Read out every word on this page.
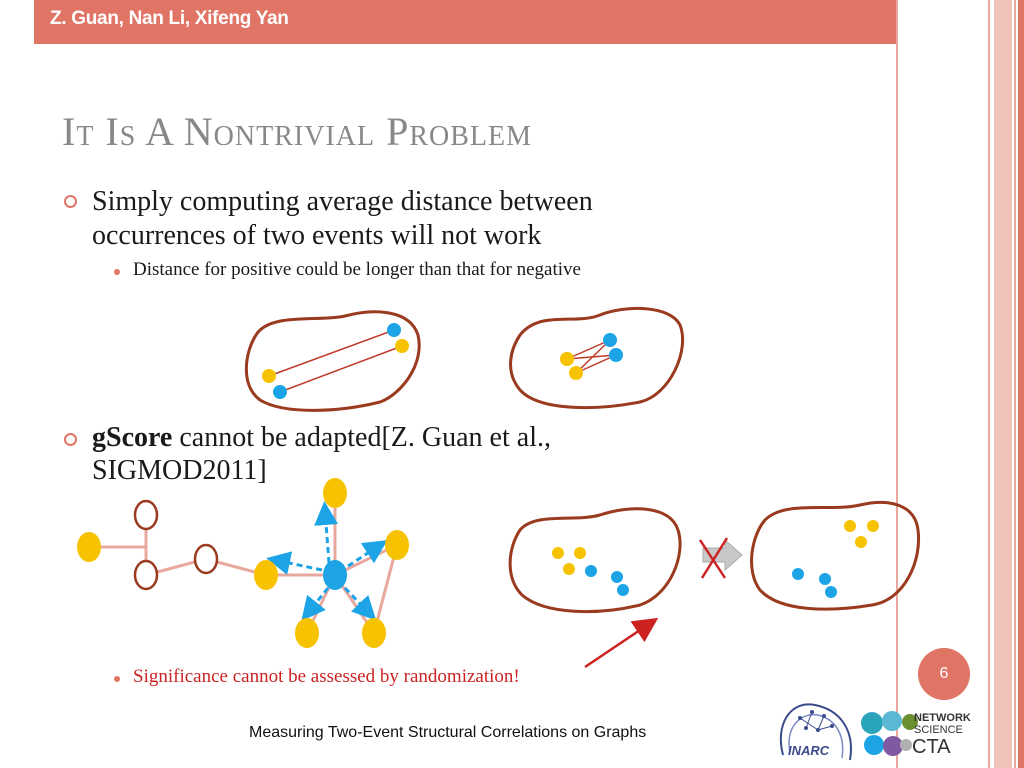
Z. Guan, Nan Li, Xifeng Yan
It Is A Nontrivial Problem
Simply computing average distance between
occurrences of two events will not work
Distance for positive could be longer than that for negative
gScore cannot be adapted[Z. Guan et al.,
SIGMOD2011]
Significance cannot be assessed by randomization!
INARC
NETWORK
SCIENCE
CTA
6
Measuring Two-Event Structural Correlations on Graphs
